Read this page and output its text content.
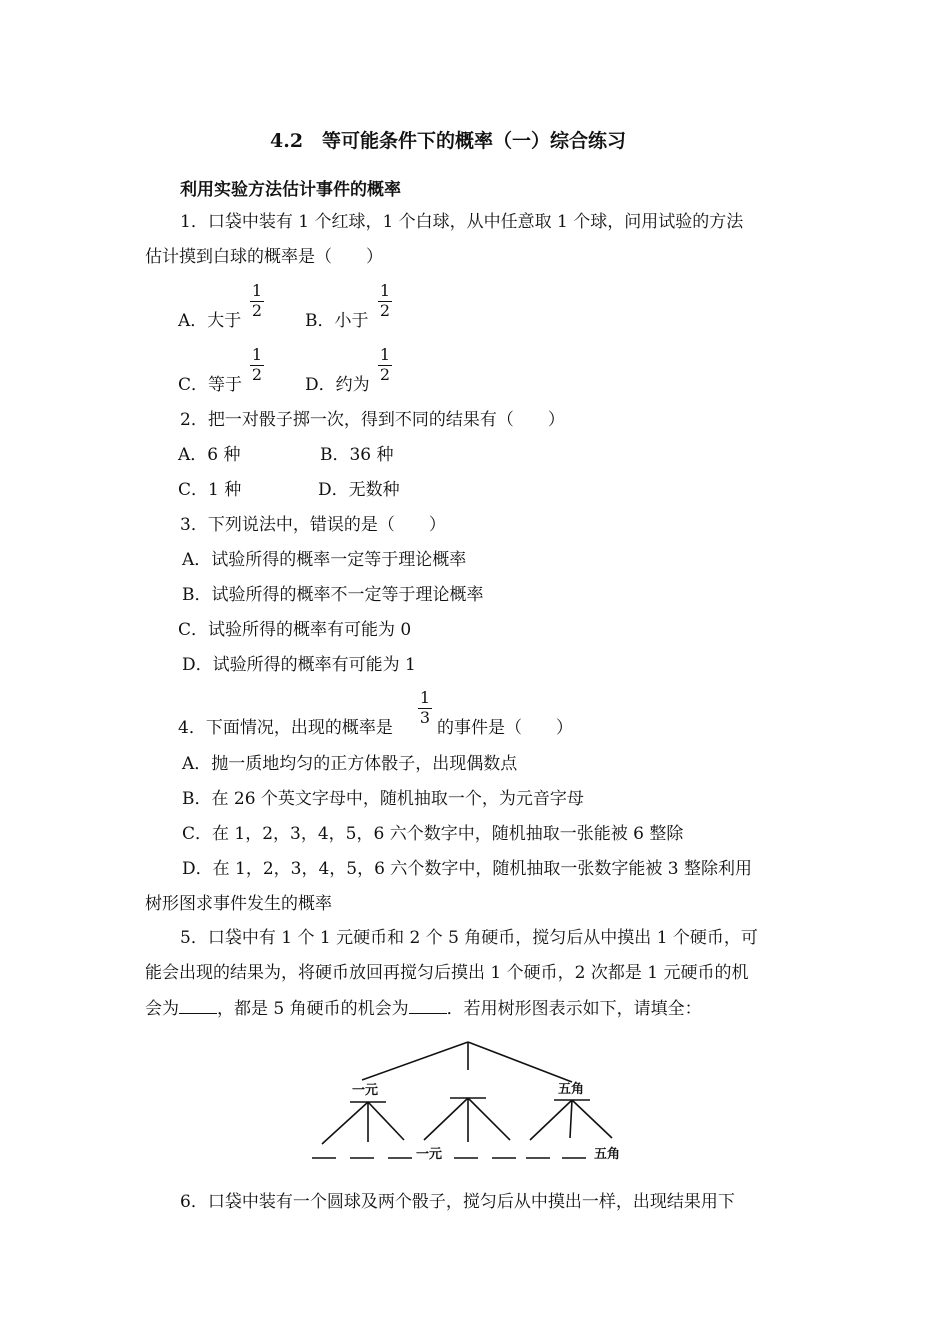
4.2　等可能条件下的概率（一）综合练习
利用实验方法估计事件的概率
1．口袋中装有 1 个红球，1 个白球，从中任意取 1 个球，问用试验的方法
估计摸到白球的概率是（　　）
A．大于
1
2
B．小于
1
2
C．等于
1
2
D．约为
1
2
2．把一对骰子掷一次，得到不同的结果有（　　）
A．6 种	B．36 种
C．1 种	D．无数种
3．下列说法中，错误的是（　　）
A．试验所得的概率一定等于理论概率
B．试验所得的概率不一定等于理论概率
C．试验所得的概率有可能为 0
D．试验所得的概率有可能为 1
4．下面情况，出现的概率是
1
3
的事件是（　　）
A．抛一质地均匀的正方体骰子，出现偶数点
B．在 26 个英文字母中，随机抽取一个，为元音字母
C．在 1，2，3，4，5，6 六个数字中，随机抽取一张能被 6 整除
D．在 1，2，3，4，5，6 六个数字中，随机抽取一张数字能被 3 整除利用
树形图求事件发生的概率
5．口袋中有 1 个 1 元硬币和 2 个 5 角硬币，搅匀后从中摸出 1 个硬币，可
能会出现的结果为，将硬币放回再搅匀后摸出 1 个硬币，2 次都是 1 元硬币的机
会为 ，都是 5 角硬币的机会为 ．若用树形图表示如下，请填全：
一元	五角
一元	五角
6．口袋中装有一个圆球及两个骰子，搅匀后从中摸出一样，出现结果用下
